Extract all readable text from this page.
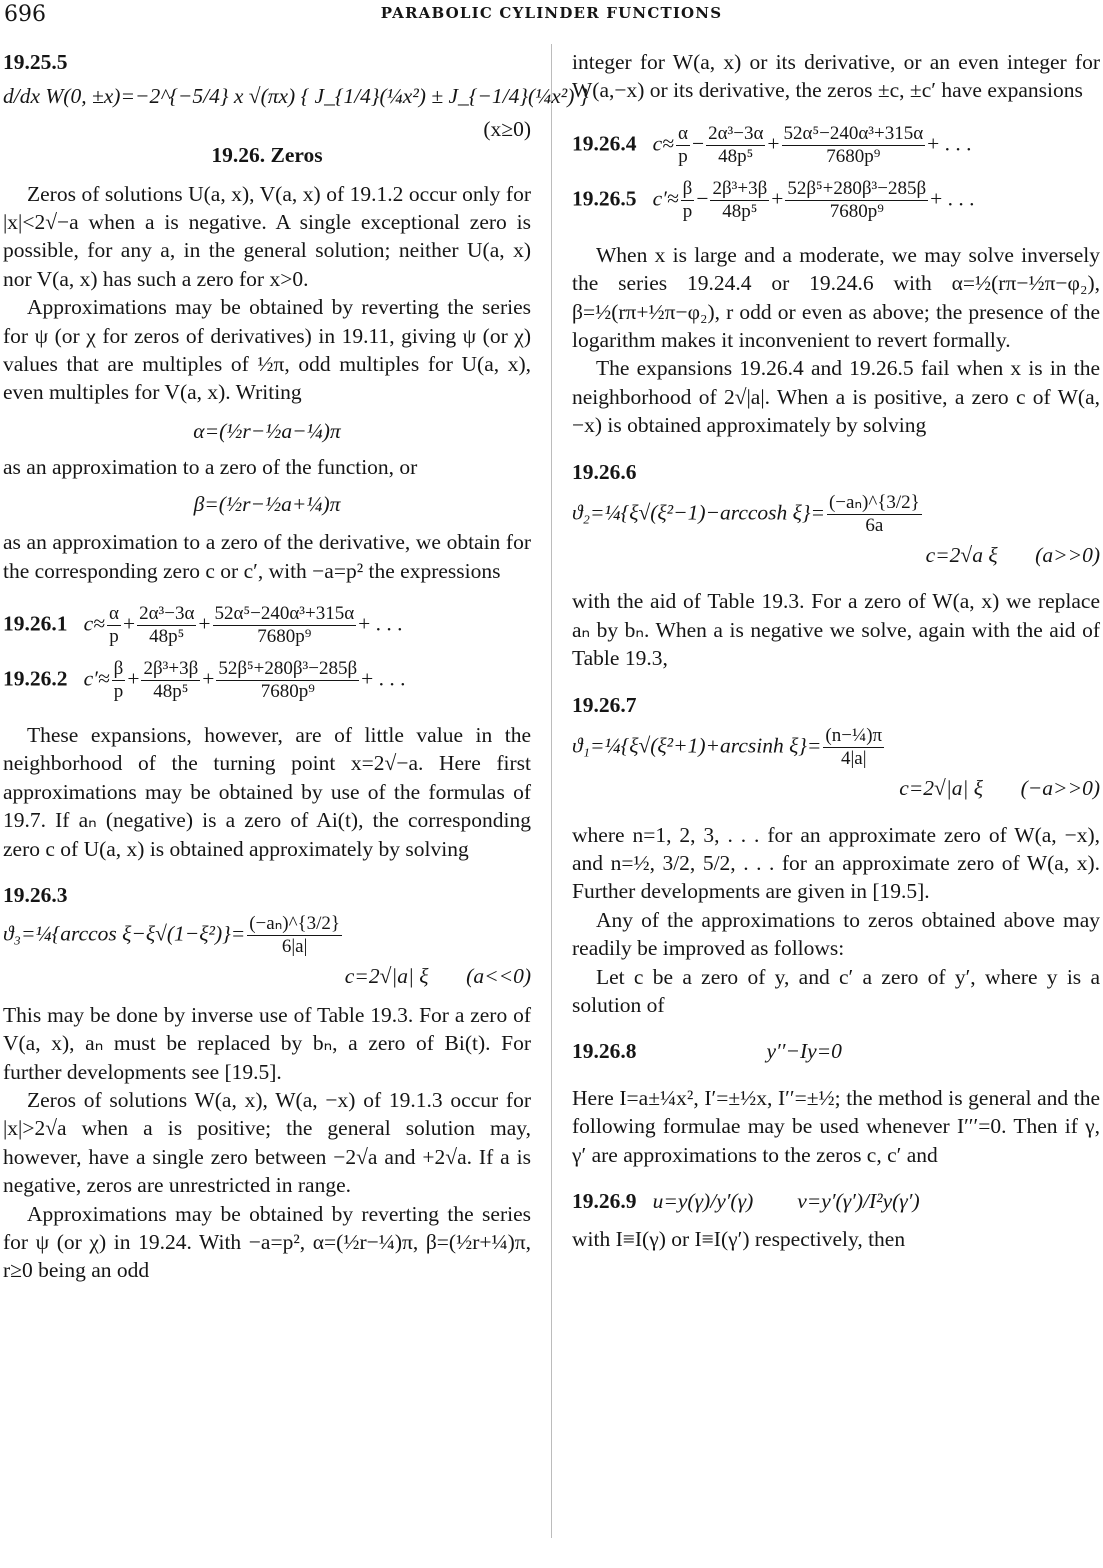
696	PARABOLIC CYLINDER FUNCTIONS
19.25.5
d/dx W(0, ±x)=−2^{−5/4} x √(πx) { J_{1/4}(¼x²) ± J_{−1/4}(¼x²) }
(x≥0)
19.26. Zeros

Zeros of solutions U(a, x), V(a, x) of 19.1.2 occur only for |x|<2√−a when a is negative. A single exceptional zero is possible, for any a, in the general solution; neither U(a, x) nor V(a, x) has such a zero for x>0.

Approximations may be obtained by reverting the series for ψ (or χ for zeros of derivatives) in 19.11, giving ψ (or χ) values that are multiples of ½π, odd multiples for U(a, x), even multiples for V(a, x). Writing

α=(½r−½a−¼)π

as an approximation to a zero of the function, or

β=(½r−½a+¼)π

as an approximation to a zero of the derivative, we obtain for the corresponding zero c or c′, with −a=p² the expressions

19.26.1 $c\approx \frac{\alpha}{p} + \frac{\text{2α³−3α}}{\text{48p⁵}} + \frac{\text{52α⁵−240α³+315α}}{\text{7680p⁹}}$ + . . .
19.26.2 $c'\approx \frac{\beta}{p} + \frac{\text{2β³+3β}}{\text{48p⁵}} + \frac{\text{52β⁵+280β³−285β}}{\text{7680p⁹}}$ + . . .

These expansions, however, are of little value in the neighborhood of the turning point x=2√−a. Here first approximations may be obtained by use of the formulas of 19.7. If aₙ (negative) is a zero of Ai(t), the corresponding zero c of U(a, x) is obtained approximately by solving

19.26.3
ϑ₃=¼{arccos $\xi-\xi√(1-\xi^2)\}= \frac{\text{(−aₙ)\textasciicircum{}\{3/2\}}}{6|a|}$
c=2√|a| ξ (a<<0)

This may be done by inverse use of Table 19.3. For a zero of V(a, x), aₙ must be replaced by bₙ, a zero of Bi(t). For further developments see [19.5].

Zeros of solutions W(a, x), W(a, −x) of 19.1.3 occur for |x|>2√a when a is positive; the general solution may, however, have a single zero between −2√a and +2√a. If a is negative, zeros are unrestricted in range.

Approximations may be obtained by reverting the series for ψ (or χ) in 19.24. With −a=p², α=(½r−¼)π, β=(½r+¼)π, r≥0 being an odd

integer for W(a, x) or its derivative, or an even integer for W(a,−x) or its derivative, the zeros ±c, ±c′ have expansions

19.26.4 $c\approx \frac{\alpha}{p} - \frac{\text{2α³−3α}}{\text{48p⁵}} + \frac{\text{52α⁵−240α³+315α}}{\text{7680p⁹}}$ + . . .
19.26.5 $c'\approx \frac{\beta}{p} - \frac{\text{2β³+3β}}{\text{48p⁵}} + \frac{\text{52β⁵+280β³−285β}}{\text{7680p⁹}}$ + . . .

When x is large and a moderate, we may solve inversely the series 19.24.4 or 19.24.6 with α=½(rπ−½π−φ₂), β=½(rπ+½π−φ₂), r odd or even as above; the presence of the logarithm makes it inconvenient to revert formally.

The expansions 19.26.4 and 19.26.5 fail when x is in the neighborhood of 2√|a|. When a is positive, a zero c of W(a,−x) is obtained approximately by solving

19.26.6
ϑ₂=¼{ξ√(ξ²−1)−arccosh $\xi\}= \frac{\text{(−aₙ)\textasciicircum{}\{3/2\}}}{6a}$
c=2√a ξ (a>>0)

with the aid of Table 19.3. For a zero of W(a, x) we replace aₙ by bₙ. When a is negative we solve, again with the aid of Table 19.3,

19.26.7
ϑ₁=¼{ξ√(ξ²+1)+arcsinh $\xi\}= \frac{\text{(n−¼)π}}{4|a|}$
c=2√|a| ξ (−a>>0)

where n=1, 2, 3, . . . for an approximate zero of W(a, −x), and n=½, 3/2, 5/2, . . . for an approximate zero of W(a, x). Further developments are given in [19.5].

Any of the approximations to zeros obtained above may readily be improved as follows:

Let c be a zero of y, and c′ a zero of y′, where y is a solution of

19.26.8	y′′−Iy=0

Here I=a±¼x², I′=±½x, I′′=±½; the method is general and the following formulae may be used whenever I′′′=0. Then if γ, γ′ are approximations to the zeros c, c′ and

19.26.9 u=y(γ)/y′(γ) v=y′(γ′)/I²y(γ′)

with I≡I(γ) or I≡I(γ′) respectively, then
